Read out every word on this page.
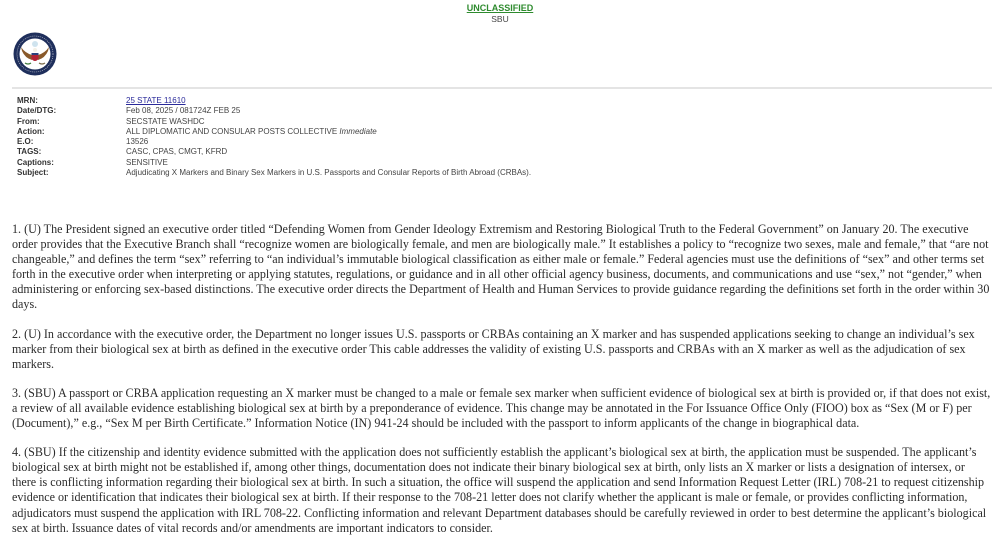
UNCLASSIFIED
SBU
MRN:	25 STATE 11610
Date/DTG:	Feb 08, 2025 / 081724Z FEB 25
From:	SECSTATE WASHDC
Action:	ALL DIPLOMATIC AND CONSULAR POSTS COLLECTIVE Immediate
E.O:	13526
TAGS:	CASC, CPAS, CMGT, KFRD
Captions:	SENSITIVE
Subject:	Adjudicating X Markers and Binary Sex Markers in U.S. Passports and Consular Reports of Birth Abroad (CRBAs).

1. (U) The President signed an executive order titled “Defending Women from Gender Ideology Extremism and Restoring Biological Truth to the Federal Government” on January 20. The executive order provides that the Executive Branch shall “recognize women are biologically female, and men are biologically male.” It establishes a policy to “recognize two sexes, male and female,” that “are not changeable,” and defines the term “sex” referring to “an individual’s immutable biological classification as either male or female.” Federal agencies must use the definitions of “sex” and other terms set forth in the executive order when interpreting or applying statutes, regulations, or guidance and in all other official agency business, documents, and communications and use “sex,” not “gender,” when administering or enforcing sex-based distinctions. The executive order directs the Department of Health and Human Services to provide guidance regarding the definitions set forth in the order within 30 days.

2. (U) In accordance with the executive order, the Department no longer issues U.S. passports or CRBAs containing an X marker and has suspended applications seeking to change an individual’s sex marker from their biological sex at birth as defined in the executive order This cable addresses the validity of existing U.S. passports and CRBAs with an X marker as well as the adjudication of sex markers.

3. (SBU) A passport or CRBA application requesting an X marker must be changed to a male or female sex marker when sufficient evidence of biological sex at birth is provided or, if that does not exist, a review of all available evidence establishing biological sex at birth by a preponderance of evidence. This change may be annotated in the For Issuance Office Only (FIOO) box as “Sex (M or F) per (Document),” e.g., “Sex M per Birth Certificate.” Information Notice (IN) 941-24 should be included with the passport to inform applicants of the change in biographical data.

4. (SBU) If the citizenship and identity evidence submitted with the application does not sufficiently establish the applicant’s biological sex at birth, the application must be suspended. The applicant’s biological sex at birth might not be established if, among other things, documentation does not indicate their binary biological sex at birth, only lists an X marker or lists a designation of intersex, or there is conflicting information regarding their biological sex at birth. In such a situation, the office will suspend the application and send Information Request Letter (IRL) 708-21 to request citizenship evidence or identification that indicates their biological sex at birth. If their response to the 708-21 letter does not clarify whether the applicant is male or female, or provides conflicting information, adjudicators must suspend the application with IRL 708-22. Conflicting information and relevant Department databases should be carefully reviewed in order to best determine the applicant’s biological sex at birth. Issuance dates of vital records and/or amendments are important indicators to consider.
